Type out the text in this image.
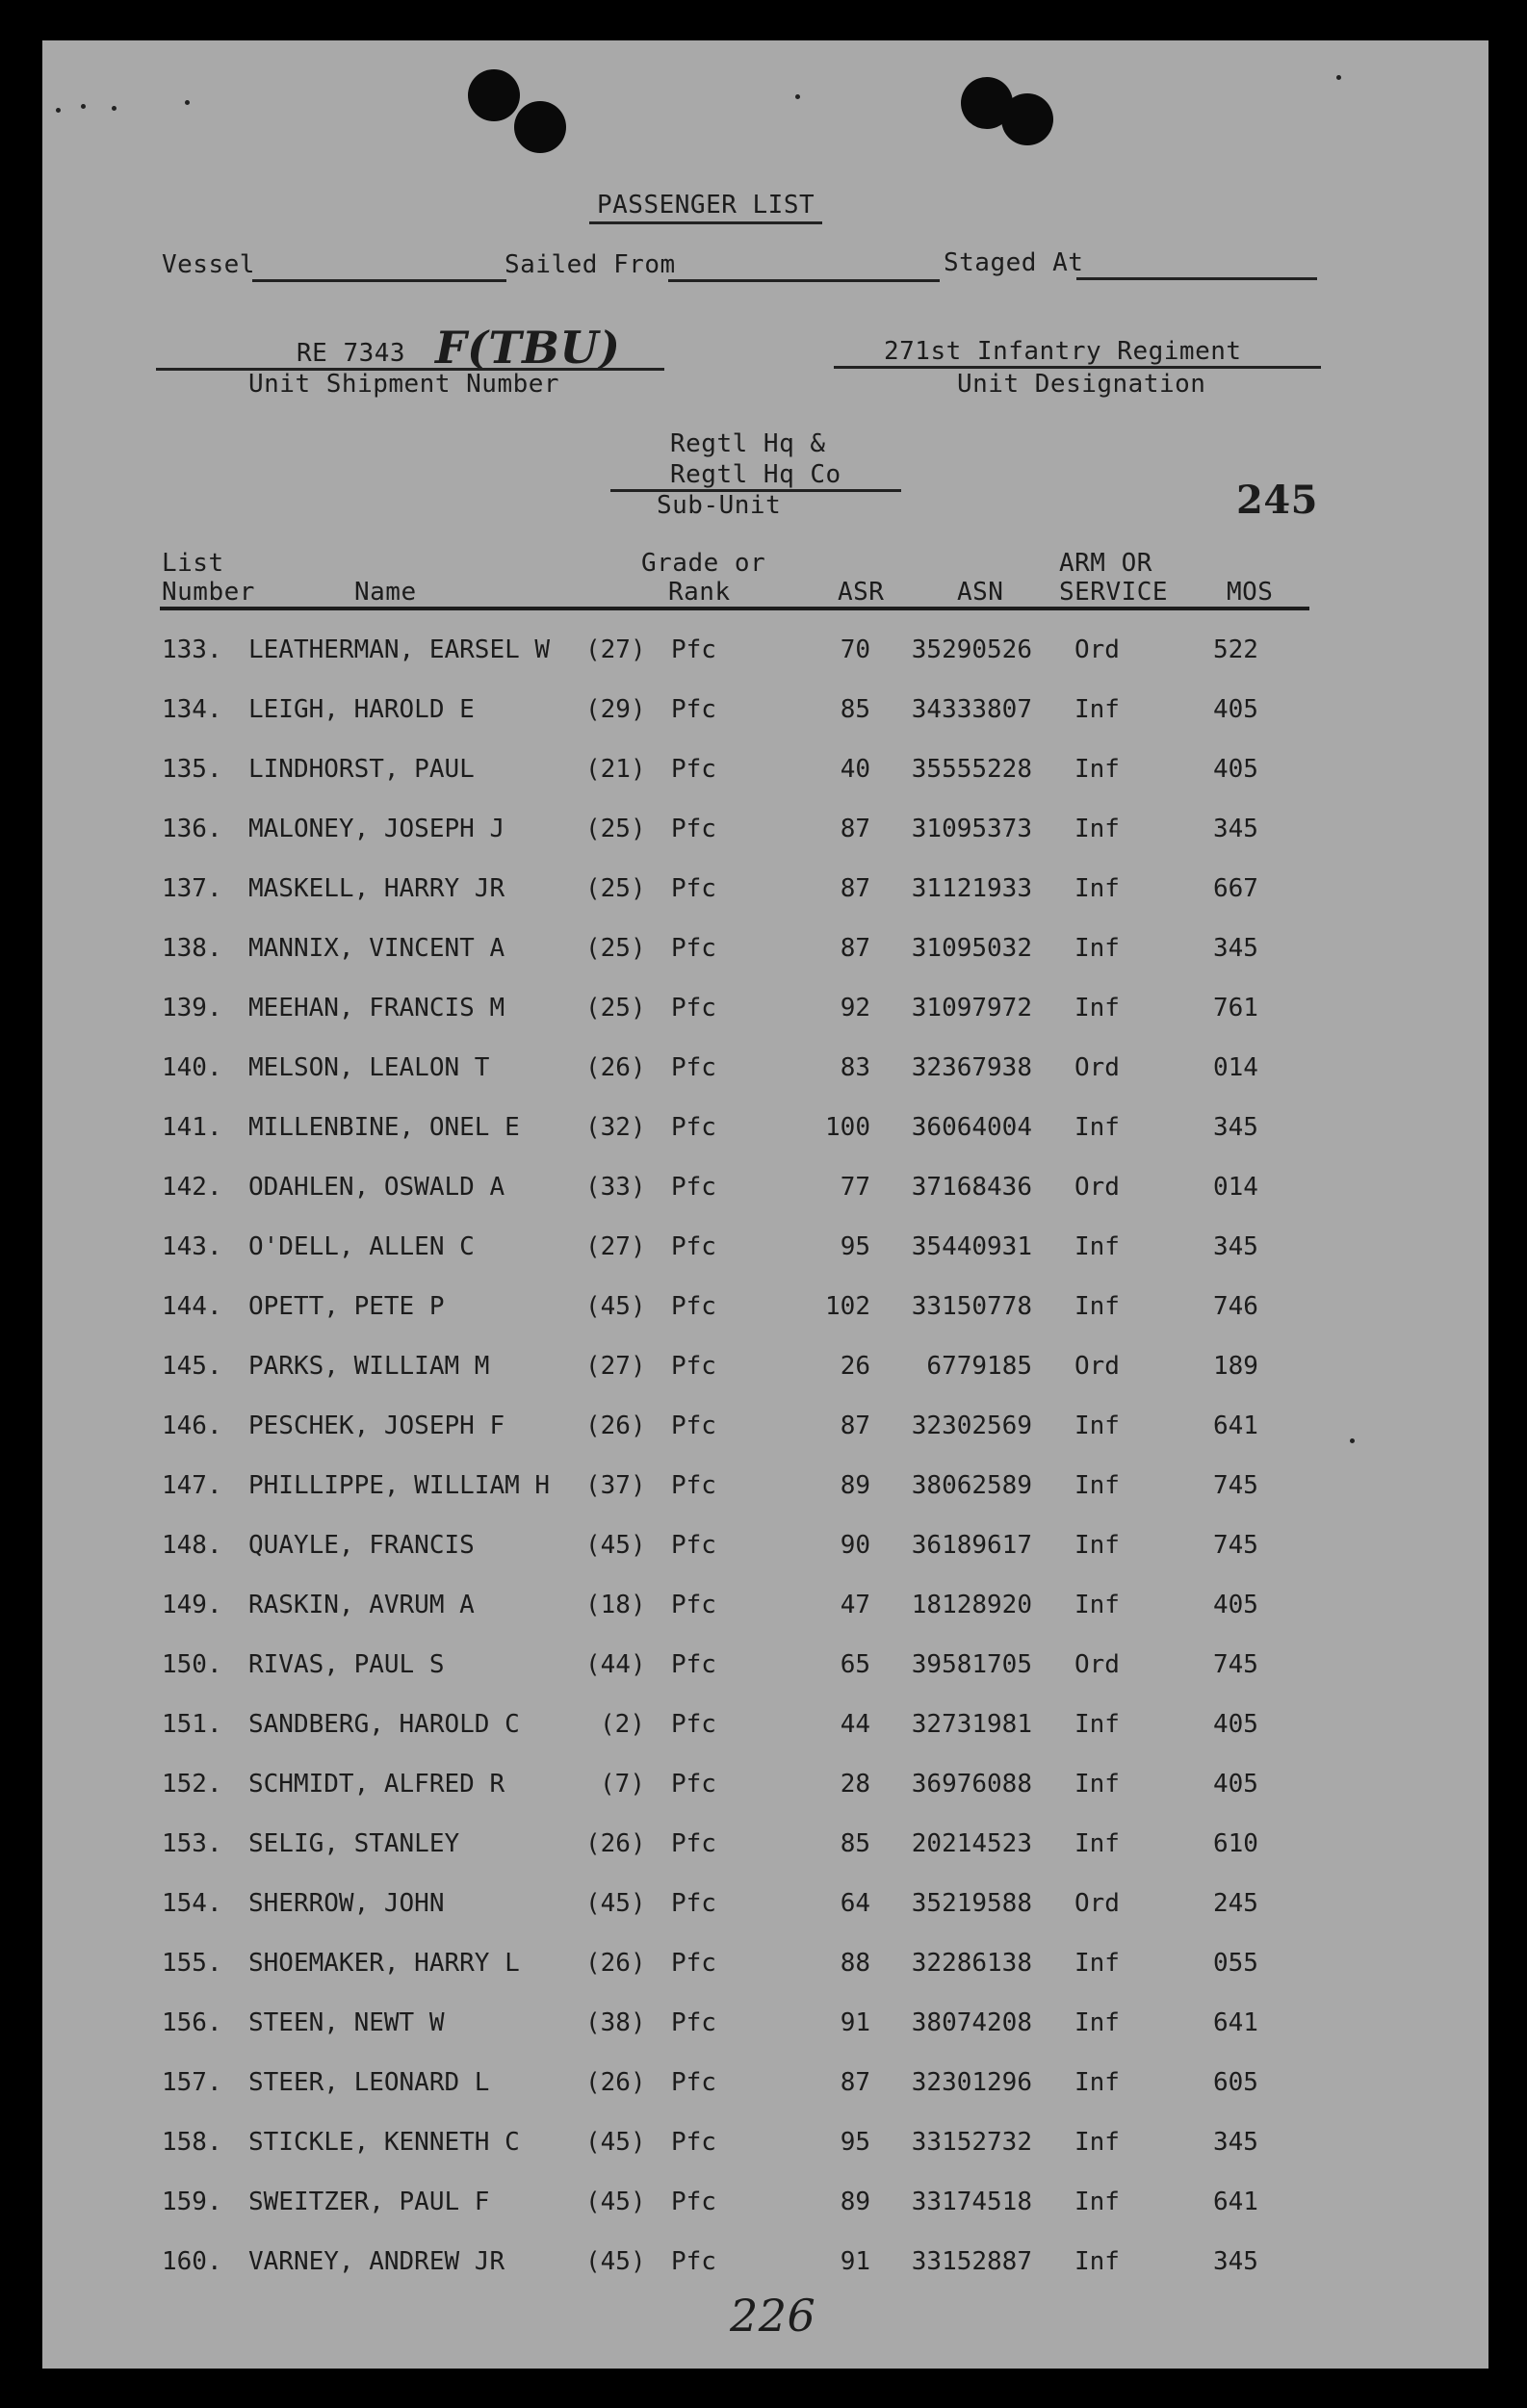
PASSENGER LIST
Vessel	Sailed From	Staged At
RE 7343 F(TBU)
Unit Shipment Number
271st Infantry Regiment
Unit Designation
Regtl Hq &
Regtl Hq Co
Sub-Unit	245
List
Number	Name
Grade or
Rank	ASR	ASN
ARM OR
SERVICE MOS
133. LEATHERMAN, EARSEL W (27) Pfc	70	35290526 Ord	522
134. LEIGH, HAROLD E	(29) Pfc	85	34333807 Inf	405
135. LINDHORST, PAUL	(21) Pfc	40	35555228 Inf	405
136. MALONEY, JOSEPH J	(25) Pfc	87	31095373 Inf	345
137. MASKELL, HARRY JR	(25) Pfc	87	31121933 Inf	667
138. MANNIX, VINCENT A	(25) Pfc	87	31095032 Inf	345
139. MEEHAN, FRANCIS M	(25) Pfc	92	31097972 Inf	761
140. MELSON, LEALON T	(26) Pfc	83	32367938 Ord	014
141. MILLENBINE, ONEL E	(32) Pfc	100	36064004 Inf	345
142. ODAHLEN, OSWALD A	(33) Pfc	77	37168436 Ord	014
143. O'DELL, ALLEN C	(27) Pfc	95	35440931 Inf	345
144. OPETT, PETE P	(45) Pfc	102	33150778 Inf	746
145. PARKS, WILLIAM M	(27) Pfc	26	6779185 Ord	189
146. PESCHEK, JOSEPH F	(26) Pfc	87	32302569 Inf	641
147. PHILLIPPE, WILLIAM H (37) Pfc	89	38062589 Inf	745
148. QUAYLE, FRANCIS	(45) Pfc	90	36189617 Inf	745
149. RASKIN, AVRUM A	(18) Pfc	47	18128920 Inf	405
150. RIVAS, PAUL S	(44) Pfc	65	39581705 Ord	745
151. SANDBERG, HAROLD C	(2) Pfc	44	32731981 Inf	405
152. SCHMIDT, ALFRED R	(7) Pfc	28	36976088 Inf	405
153. SELIG, STANLEY	(26) Pfc	85	20214523 Inf	610
154. SHERROW, JOHN	(45) Pfc	64	35219588 Ord	245
155. SHOEMAKER, HARRY L	(26) Pfc	88	32286138 Inf	055
156. STEEN, NEWT W	(38) Pfc	91	38074208 Inf	641
157. STEER, LEONARD L	(26) Pfc	87	32301296 Inf	605
158. STICKLE, KENNETH C	(45) Pfc	95	33152732 Inf	345
159. SWEITZER, PAUL F	(45) Pfc	89	33174518 Inf	641
160. VARNEY, ANDREW JR	(45) Pfc	91	33152887 Inf	345
226
